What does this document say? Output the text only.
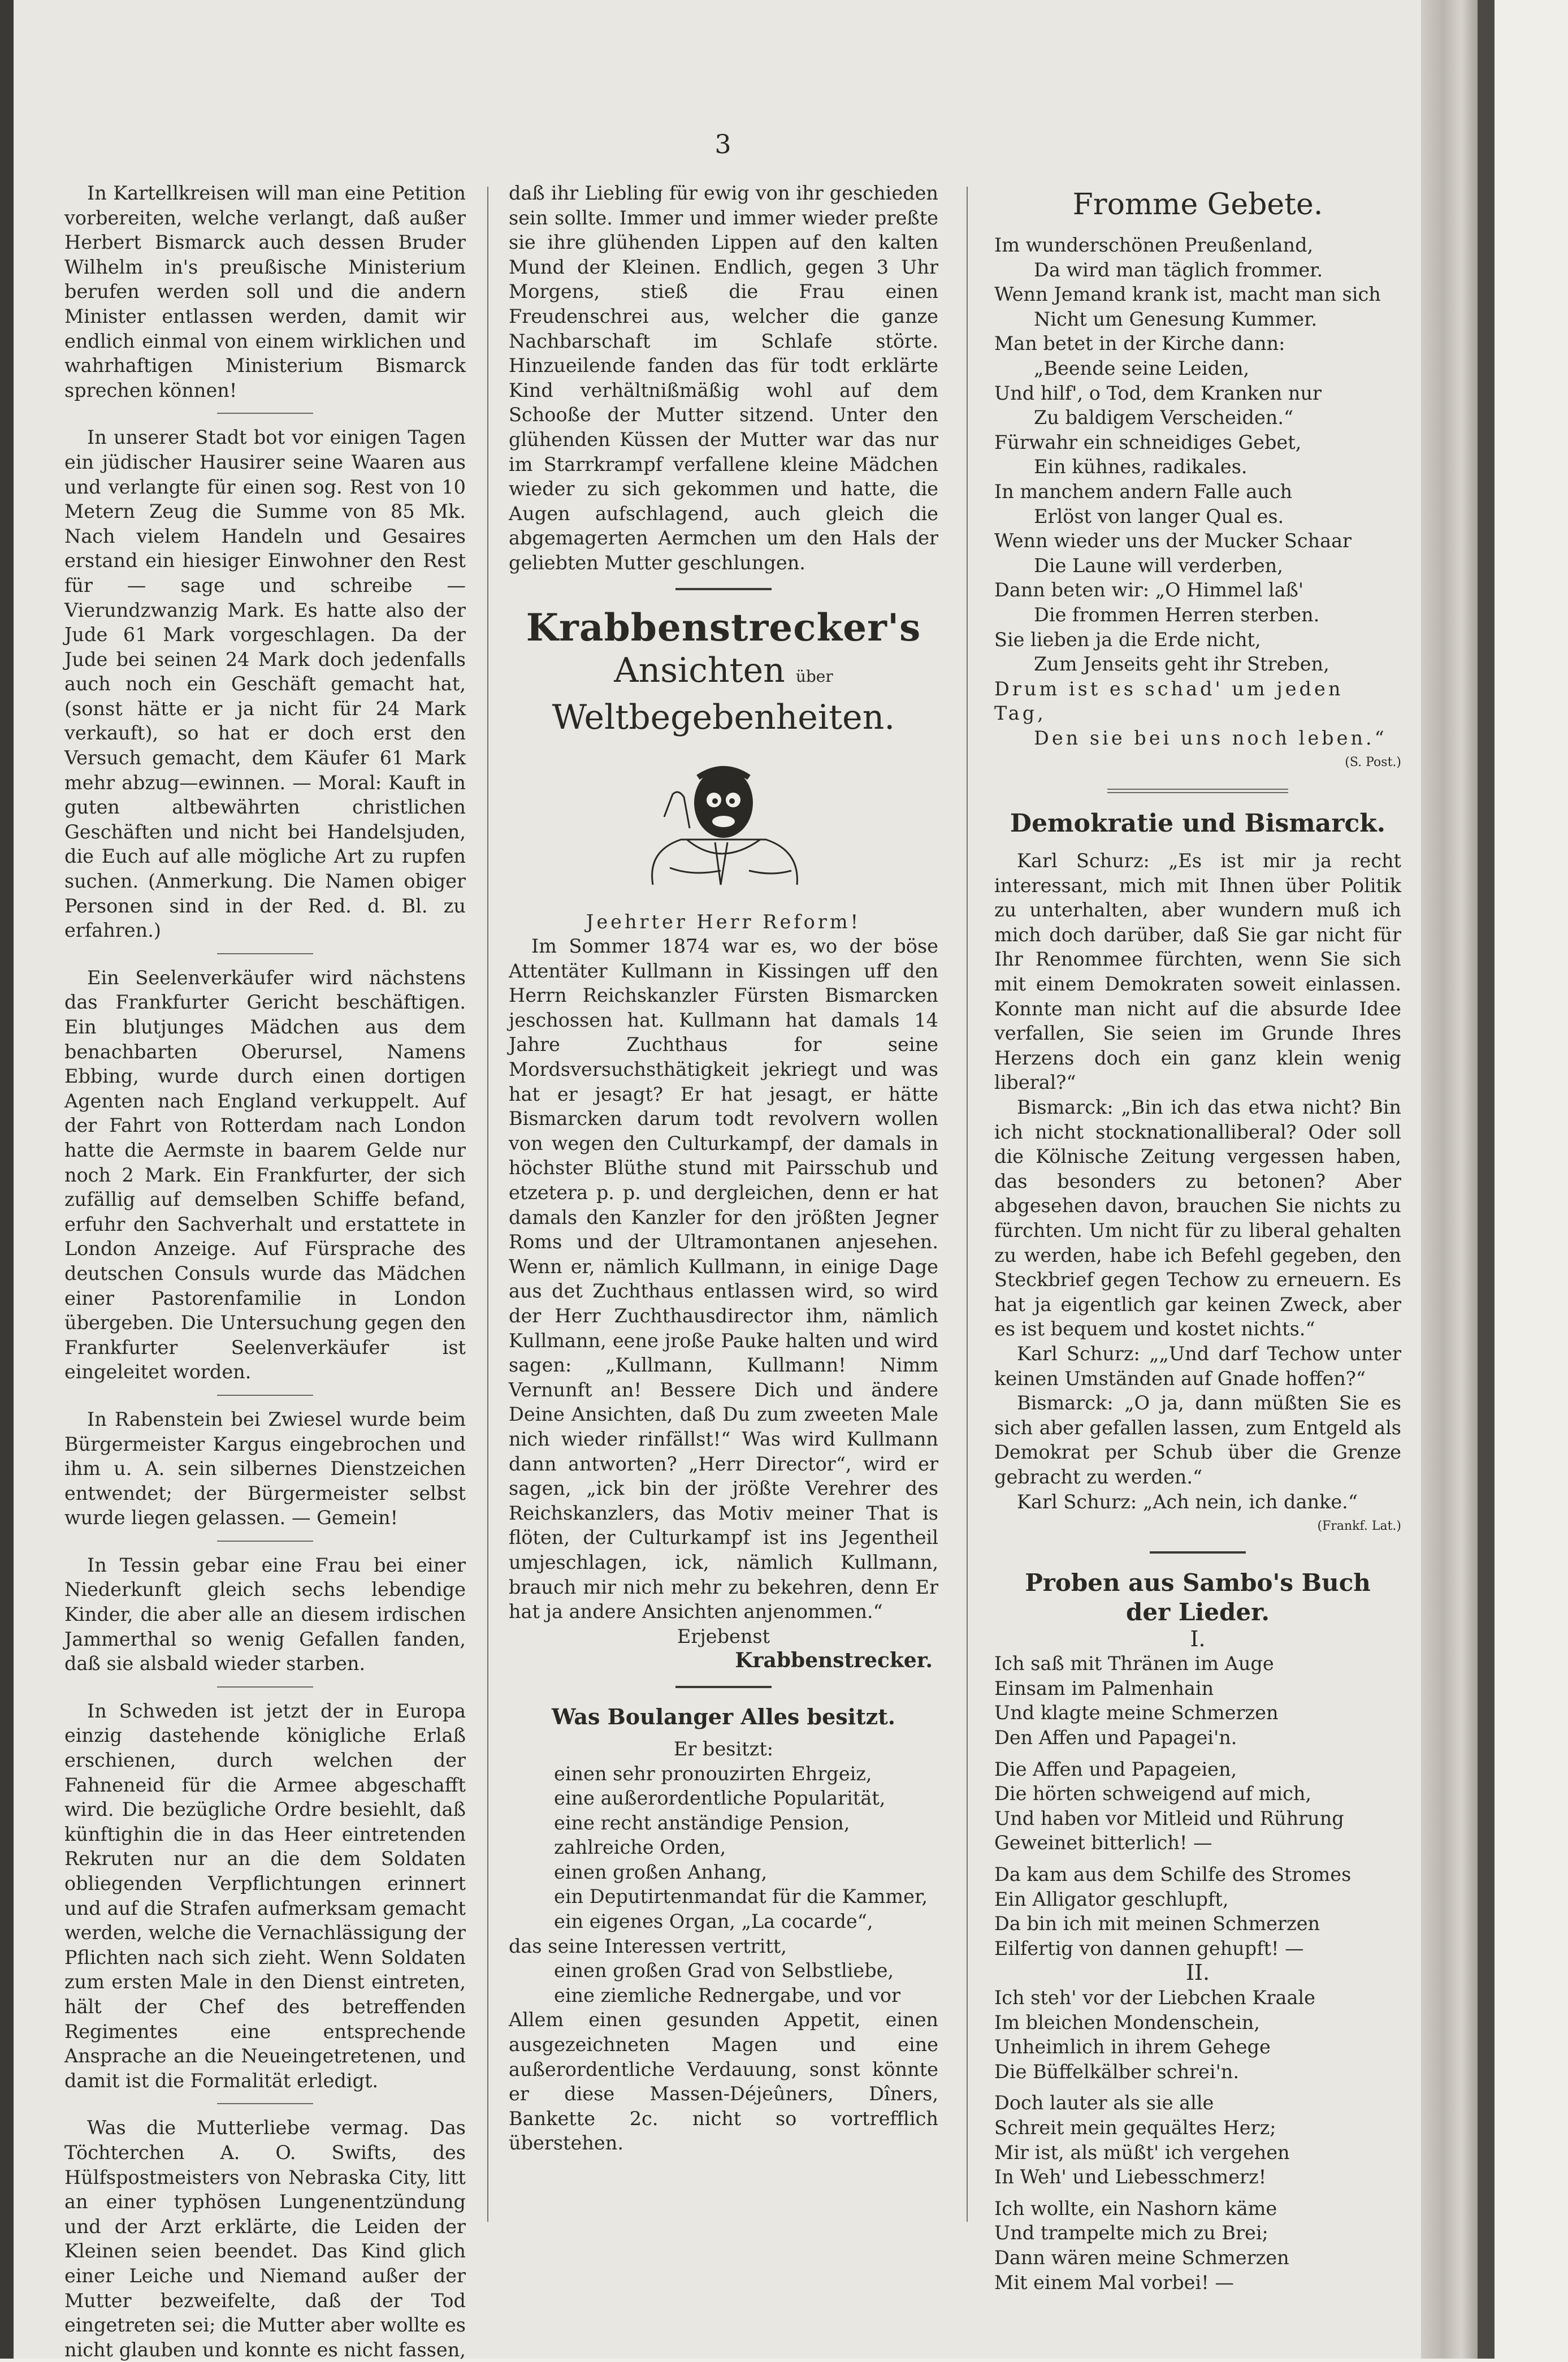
3

In Kartellkreisen will man eine Petition vorbereiten, welche verlangt, daß außer Herbert Bismarck auch dessen Bruder Wilhelm in's preußische Ministerium berufen werden soll und die andern Minister entlassen werden, damit wir endlich einmal von einem wirklichen und wahrhaftigen Ministerium Bismarck sprechen können!

In unserer Stadt bot vor einigen Tagen ein jüdischer Hausirer seine Waaren aus und verlangte für einen sog. Rest von 10 Metern Zeug die Summe von 85 Mk. Nach vielem Handeln und Gesaires erstand ein hiesiger Einwohner den Rest für — sage und schreibe — Vierundzwanzig Mark. Es hatte also der Jude 61 Mark vorgeschlagen. Da der Jude bei seinen 24 Mark doch jedenfalls auch noch ein Geschäft gemacht hat, (sonst hätte er ja nicht für 24 Mark verkauft), so hat er doch erst den Versuch gemacht, dem Käufer 61 Mark mehr abzug—ewinnen. — Moral: Kauft in guten altbewährten christlichen Geschäften und nicht bei Handelsjuden, die Euch auf alle mögliche Art zu rupfen suchen. (Anmerkung. Die Namen obiger Personen sind in der Red. d. Bl. zu erfahren.)

Ein Seelenverkäufer wird nächstens das Frankfurter Gericht beschäftigen. Ein blutjunges Mädchen aus dem benachbarten Oberursel, Namens Ebbing, wurde durch einen dortigen Agenten nach England verkuppelt. Auf der Fahrt von Rotterdam nach London hatte die Aermste in baarem Gelde nur noch 2 Mark. Ein Frankfurter, der sich zufällig auf demselben Schiffe befand, erfuhr den Sachverhalt und erstattete in London Anzeige. Auf Fürsprache des deutschen Consuls wurde das Mädchen einer Pastorenfamilie in London übergeben. Die Untersuchung gegen den Frankfurter Seelenverkäufer ist eingeleitet worden.

In Rabenstein bei Zwiesel wurde beim Bürgermeister Kargus eingebrochen und ihm u. A. sein silbernes Dienstzeichen entwendet; der Bürgermeister selbst wurde liegen gelassen. — Gemein!

In Tessin gebar eine Frau bei einer Niederkunft gleich sechs lebendige Kinder, die aber alle an diesem irdischen Jammerthal so wenig Gefallen fanden, daß sie alsbald wieder starben.

In Schweden ist jetzt der in Europa einzig dastehende königliche Erlaß erschienen, durch welchen der Fahneneid für die Armee abgeschafft wird. Die bezügliche Ordre besiehlt, daß künftighin die in das Heer eintretenden Rekruten nur an die dem Soldaten obliegenden Verpflichtungen erinnert und auf die Strafen aufmerksam gemacht werden, welche die Vernachlässigung der Pflichten nach sich zieht. Wenn Soldaten zum ersten Male in den Dienst eintreten, hält der Chef des betreffenden Regimentes eine entsprechende Ansprache an die Neueingetretenen, und damit ist die Formalität erledigt.

Was die Mutterliebe vermag. Das Töchterchen A. O. Swifts, des Hülfspostmeisters von Nebraska City, litt an einer typhösen Lungenentzündung und der Arzt erklärte, die Leiden der Kleinen seien beendet. Das Kind glich einer Leiche und Niemand außer der Mutter bezweifelte, daß der Tod eingetreten sei; die Mutter aber wollte es nicht glauben und konnte es nicht fassen,

daß ihr Liebling für ewig von ihr geschieden sein sollte. Immer und immer wieder preßte sie ihre glühenden Lippen auf den kalten Mund der Kleinen. Endlich, gegen 3 Uhr Morgens, stieß die Frau einen Freudenschrei aus, welcher die ganze Nachbarschaft im Schlafe störte. Hinzueilende fanden das für todt erklärte Kind verhältnißmäßig wohl auf dem Schooße der Mutter sitzend. Unter den glühenden Küssen der Mutter war das nur im Starrkrampf verfallene kleine Mädchen wieder zu sich gekommen und hatte, die Augen aufschlagend, auch gleich die abgemagerten Aermchen um den Hals der geliebten Mutter geschlungen.

Krabbenstrecker's
Ansichten über Weltbegebenheiten.

Jeehrter Herr Reform!

Im Sommer 1874 war es, wo der böse Attentäter Kullmann in Kissingen uff den Herrn Reichskanzler Fürsten Bismarcken jeschossen hat. Kullmann hat damals 14 Jahre Zuchthaus for seine Mordsversuchsthätigkeit jekriegt und was hat er jesagt? Er hat jesagt, er hätte Bismarcken darum todt revolvern wollen von wegen den Culturkampf, der damals in höchster Blüthe stund mit Pairsschub und etzetera p. p. und dergleichen, denn er hat damals den Kanzler for den jrößten Jegner Roms und der Ultramontanen anjesehen. Wenn er, nämlich Kullmann, in einige Dage aus det Zuchthaus entlassen wird, so wird der Herr Zuchthausdirector ihm, nämlich Kullmann, eene jroße Pauke halten und wird sagen: „Kullmann, Kullmann! Nimm Vernunft an! Bessere Dich und ändere Deine Ansichten, daß Du zum zweeten Male nich wieder rinfällst!“ Was wird Kullmann dann antworten? „Herr Director“, wird er sagen, „ick bin der jrößte Verehrer des Reichskanzlers, das Motiv meiner That is flöten, der Culturkampf ist ins Jegentheil umjeschlagen, ick, nämlich Kullmann, brauch mir nich mehr zu bekehren, denn Er hat ja andere Ansichten anjenommen.“

Erjebenst

Krabbenstrecker.

Was Boulanger Alles besitzt.

Er besitzt:

einen sehr pronouzirten Ehrgeiz,
eine außerordentliche Popularität,
eine recht anständige Pension,
zahlreiche Orden,
einen großen Anhang,
ein Deputirtenmandat für die Kammer,
ein eigenes Organ, „La cocarde“,
das seine Interessen vertritt,
einen großen Grad von Selbstliebe,
eine ziemliche Rednergabe, und vor

Allem einen gesunden Appetit, einen ausgezeichneten Magen und eine außerordentliche Verdauung, sonst könnte er diese Massen-Déjeûners, Dîners, Bankette 2c. nicht so vortrefflich überstehen.

Fromme Gebete.
Im wunderschönen Preußenland,
Da wird man täglich frommer.
Wenn Jemand krank ist, macht man sich
Nicht um Genesung Kummer.
Man betet in der Kirche dann:
„Beende seine Leiden,
Und hilf', o Tod, dem Kranken nur
Zu baldigem Verscheiden.“
Fürwahr ein schneidiges Gebet,
Ein kühnes, radikales.
In manchem andern Falle auch
Erlöst von langer Qual es.
Wenn wieder uns der Mucker Schaar
Die Laune will verderben,
Dann beten wir: „O Himmel laß'
Die frommen Herren sterben.
Sie lieben ja die Erde nicht,
Zum Jenseits geht ihr Streben,
Drum ist es schad' um jeden Tag,
Den sie bei uns noch leben.“
(S. Post.)
Demokratie und Bismarck.

Karl Schurz: „Es ist mir ja recht interessant, mich mit Ihnen über Politik zu unterhalten, aber wundern muß ich mich doch darüber, daß Sie gar nicht für Ihr Renommee fürchten, wenn Sie sich mit einem Demokraten soweit einlassen. Konnte man nicht auf die absurde Idee verfallen, Sie seien im Grunde Ihres Herzens doch ein ganz klein wenig liberal?“

Bismarck: „Bin ich das etwa nicht? Bin ich nicht stocknationalliberal? Oder soll die Kölnische Zeitung vergessen haben, das besonders zu betonen? Aber abgesehen davon, brauchen Sie nichts zu fürchten. Um nicht für zu liberal gehalten zu werden, habe ich Befehl gegeben, den Steckbrief gegen Techow zu erneuern. Es hat ja eigentlich gar keinen Zweck, aber es ist bequem und kostet nichts.“

Karl Schurz: „„Und darf Techow unter keinen Umständen auf Gnade hoffen?“

Bismarck: „O ja, dann müßten Sie es sich aber gefallen lassen, zum Entgeld als Demokrat per Schub über die Grenze gebracht zu werden.“

Karl Schurz: „Ach nein, ich danke.“

(Frankf. Lat.)
Proben aus Sambo's Buch
der Lieder.
I.
Ich saß mit Thränen im Auge
Einsam im Palmenhain
Und klagte meine Schmerzen
Den Affen und Papagei'n.
Die Affen und Papageien,
Die hörten schweigend auf mich,
Und haben vor Mitleid und Rührung
Geweinet bitterlich! —
Da kam aus dem Schilfe des Stromes
Ein Alligator geschlupft,
Da bin ich mit meinen Schmerzen
Eilfertig von dannen gehupft! —
II.
Ich steh' vor der Liebchen Kraale
Im bleichen Mondenschein,
Unheimlich in ihrem Gehege
Die Büffelkälber schrei'n.
Doch lauter als sie alle
Schreit mein gequältes Herz;
Mir ist, als müßt' ich vergehen
In Weh' und Liebesschmerz!
Ich wollte, ein Nashorn käme
Und trampelte mich zu Brei;
Dann wären meine Schmerzen
Mit einem Mal vorbei! —
